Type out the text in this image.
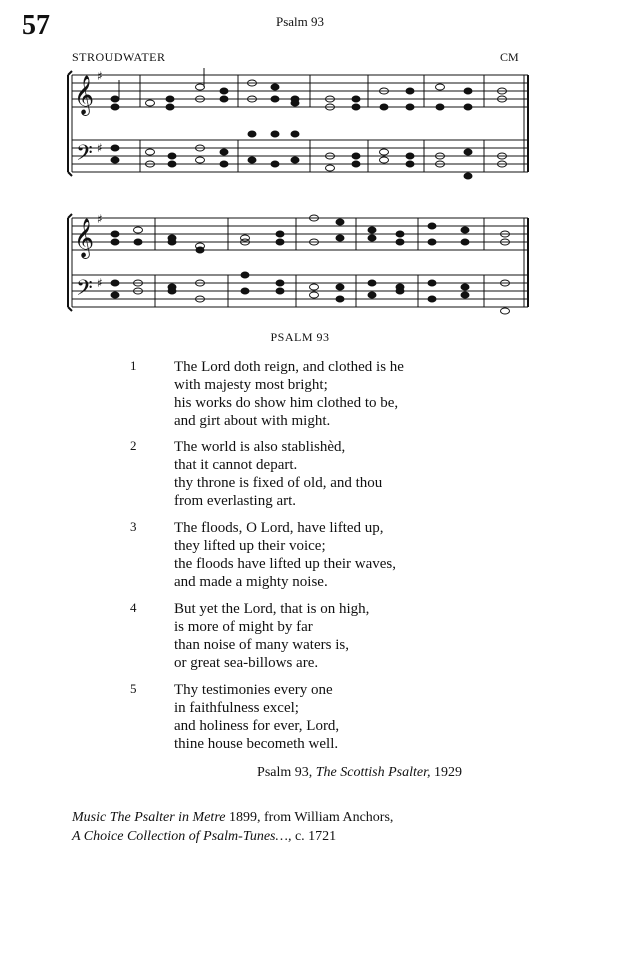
57	Psalm 93
STROUDWATER	CM
𝄞
𝄢
𝄞
𝄢
♯
♯
♯
♯
PSALM 93
1	The Lord doth reign, and clothed is he
with majesty most bright;
his works do show him clothed to be,
and girt about with might.
2	The world is also stablishèd,
that it cannot depart.
thy throne is fixed of old, and thou
from everlasting art.
3	The floods, O Lord, have lifted up,
they lifted up their voice;
the floods have lifted up their waves,
and made a mighty noise.
4	But yet the Lord, that is on high,
is more of might by far
than noise of many waters is,
or great sea-billows are.
5	Thy testimonies every one
in faithfulness excel;
and holiness for ever, Lord,
thine house becometh well.
Psalm 93, The Scottish Psalter, 1929
Music The Psalter in Metre 1899, from William Anchors,
A Choice Collection of Psalm-Tunes…, c. 1721
